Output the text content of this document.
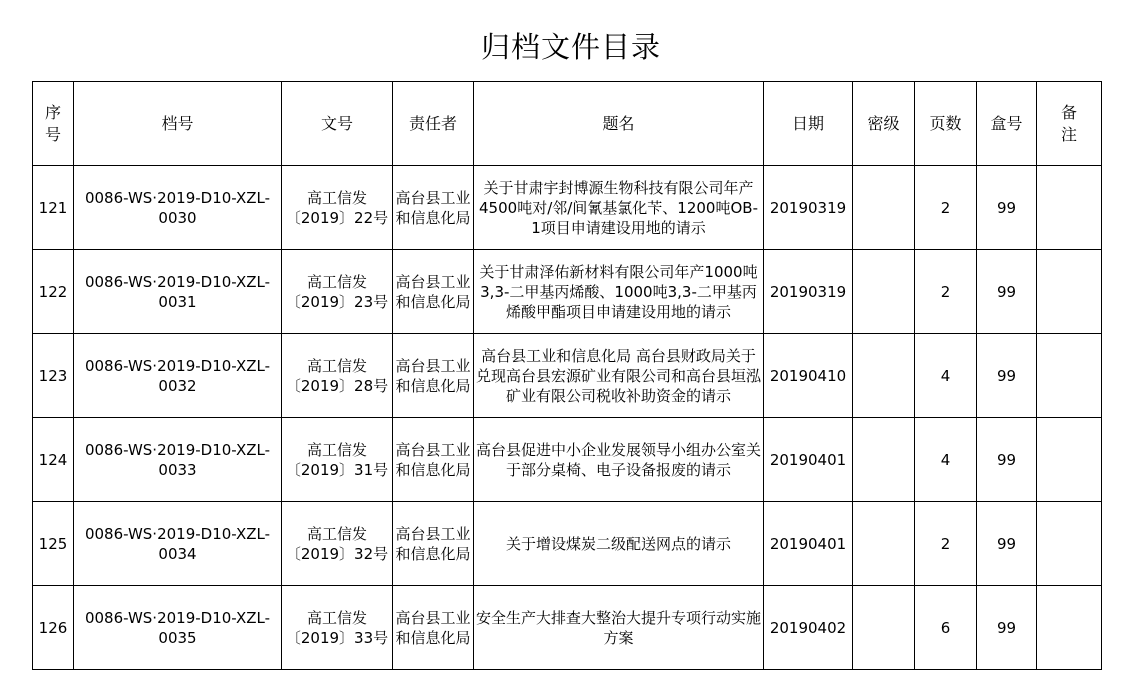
归档文件目录
序号	档号	文号	责任者	题名	日期	密级	页数	盒号	备注
121	0086-WS·2019-D10-XZL-0030	高工信发〔2019〕22号	高台县工业和信息化局	关于甘肃宇封博源生物科技有限公司年产4500吨对/邻/间氰基氯化苄、1200吨OB-1项目申请建设用地的请示	20190319		2	99	
122	0086-WS·2019-D10-XZL-0031	高工信发〔2019〕23号	高台县工业和信息化局	关于甘肃泽佑新材料有限公司年产1000吨3,3-二甲基丙烯酸、1000吨3,3-二甲基丙烯酸甲酯项目申请建设用地的请示	20190319		2	99	
123	0086-WS·2019-D10-XZL-0032	高工信发〔2019〕28号	高台县工业和信息化局	高台县工业和信息化局 高台县财政局关于兑现高台县宏源矿业有限公司和高台县垣泓矿业有限公司税收补助资金的请示	20190410		4	99	
124	0086-WS·2019-D10-XZL-0033	高工信发〔2019〕31号	高台县工业和信息化局	高台县促进中小企业发展领导小组办公室关于部分桌椅、电子设备报废的请示	20190401		4	99	
125	0086-WS·2019-D10-XZL-0034	高工信发〔2019〕32号	高台县工业和信息化局	关于增设煤炭二级配送网点的请示	20190401		2	99	
126	0086-WS·2019-D10-XZL-0035	高工信发〔2019〕33号	高台县工业和信息化局	安全生产大排查大整治大提升专项行动实施方案	20190402		6	99	
